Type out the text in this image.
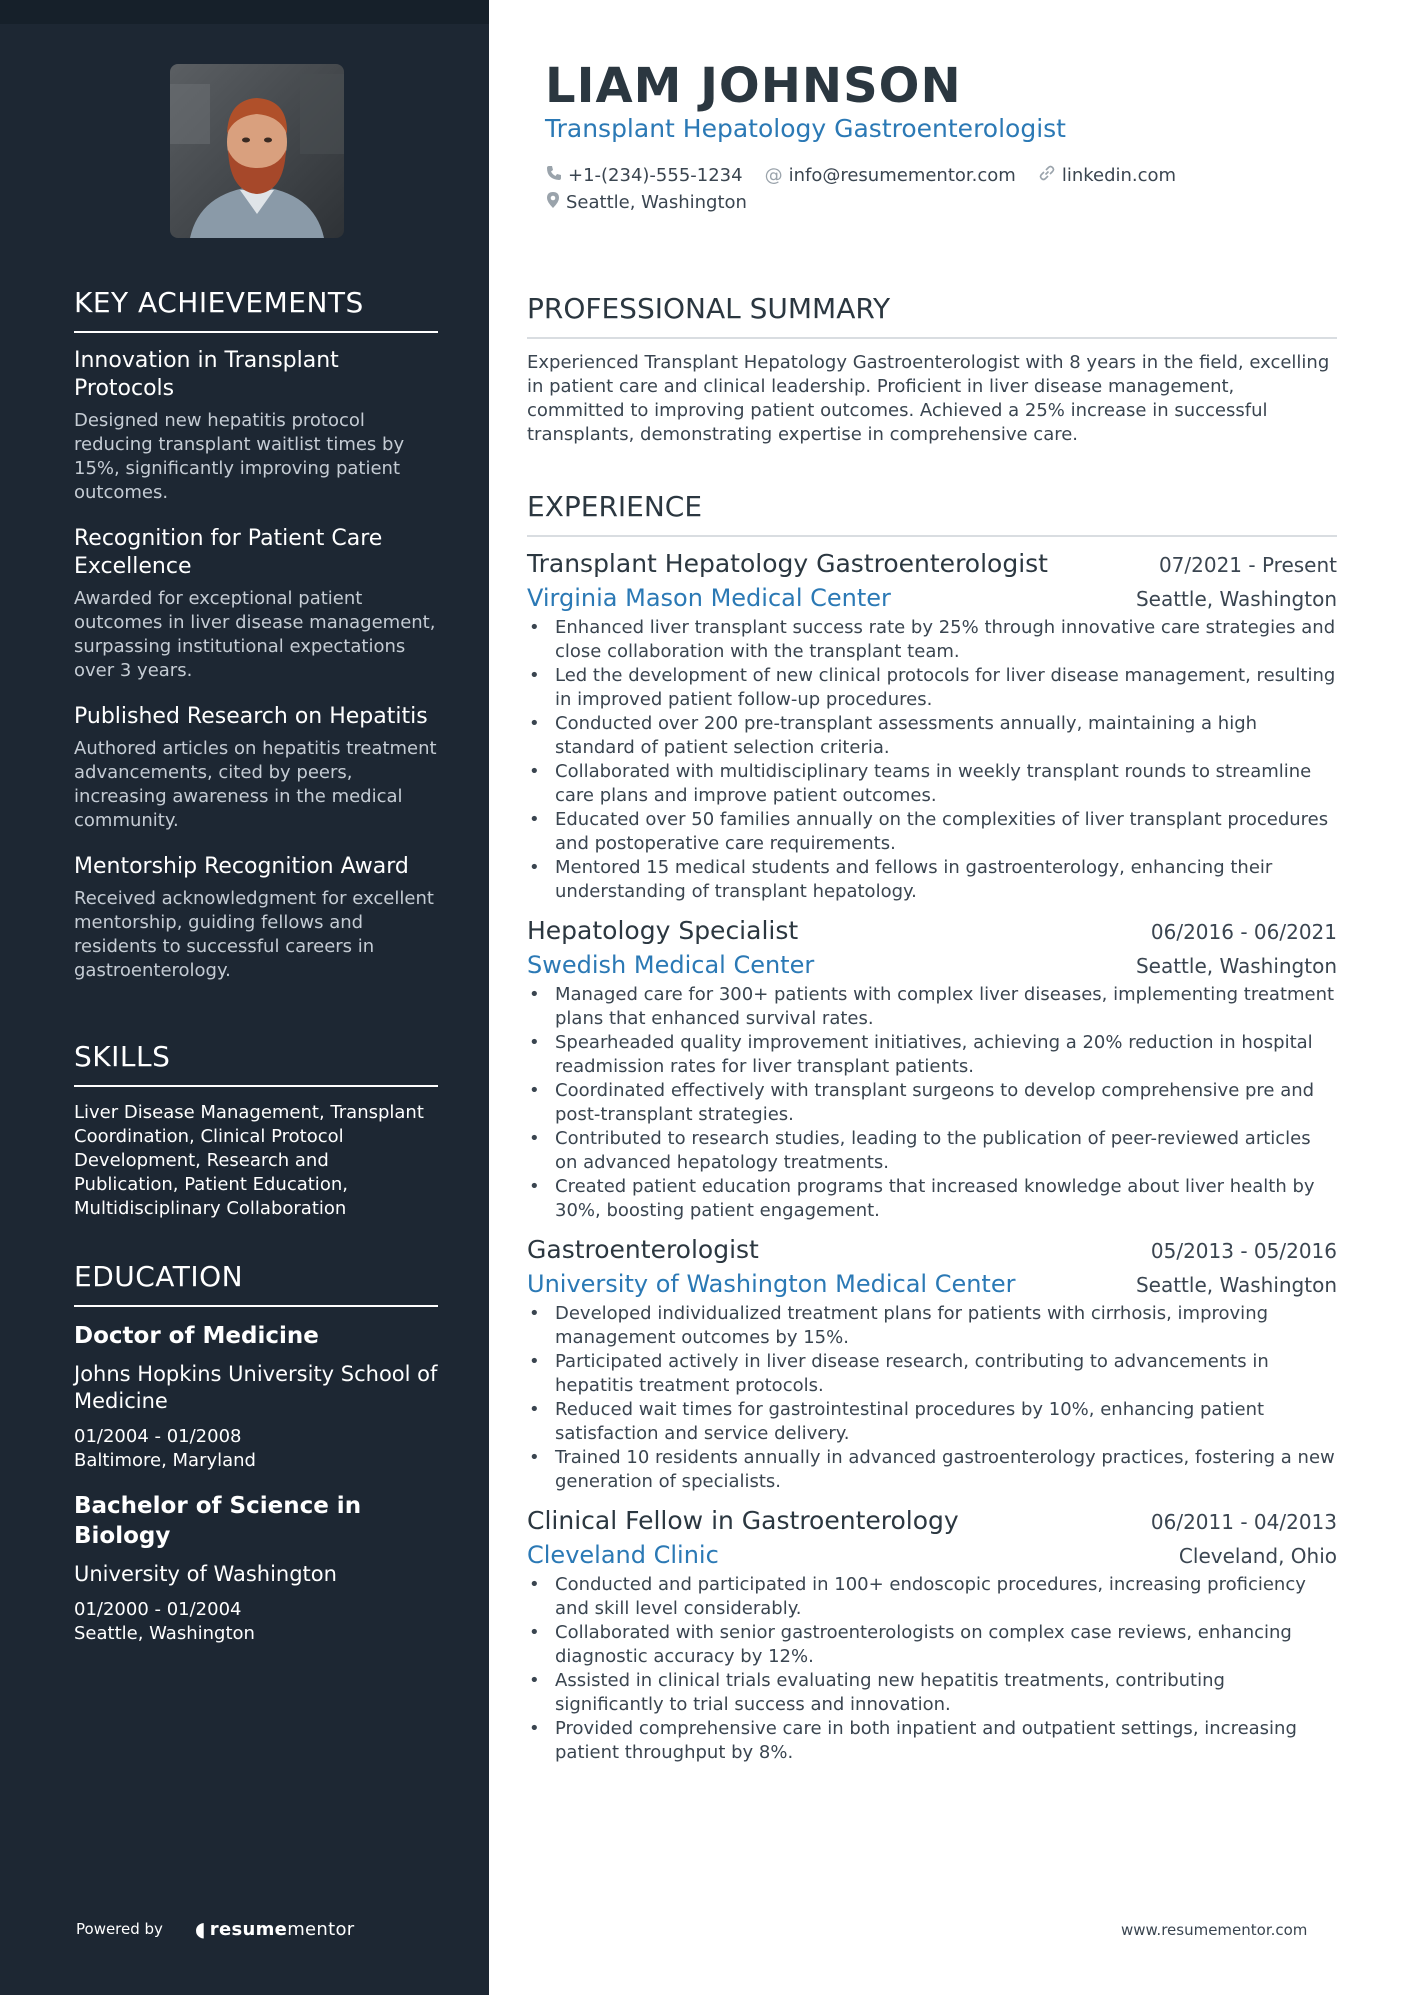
KEY ACHIEVEMENTS
Innovation in Transplant Protocols
Designed new hepatitis protocol reducing transplant waitlist times by 15%, significantly improving patient outcomes.
Recognition for Patient Care Excellence
Awarded for exceptional patient outcomes in liver disease management, surpassing institutional expectations over 3 years.
Published Research on Hepatitis
Authored articles on hepatitis treatment advancements, cited by peers, increasing awareness in the medical community.
Mentorship Recognition Award
Received acknowledgment for excellent mentorship, guiding fellows and residents to successful careers in gastroenterology.
SKILLS
Liver Disease Management, Transplant Coordination, Clinical Protocol Development, Research and Publication, Patient Education, Multidisciplinary Collaboration
EDUCATION
Doctor of Medicine
Johns Hopkins University School of Medicine
01/2004 - 01/2008
Baltimore, Maryland
Bachelor of Science in Biology
University of Washington
01/2000 - 01/2004
Seattle, Washington
Powered by ◖ resume mentor
LIAM JOHNSON
Transplant Hepatology Gastroenterologist
+1-(234)-555-1234 @ info@resumementor.com	linkedin.com
Seattle, Washington
PROFESSIONAL SUMMARY
Experienced Transplant Hepatology Gastroenterologist with 8 years in the field, excelling in patient care and clinical leadership. Proficient in liver disease management, committed to improving patient outcomes. Achieved a 25% increase in successful transplants, demonstrating expertise in comprehensive care.
EXPERIENCE
Transplant Hepatology Gastroenterologist	07/2021 - Present
Virginia Mason Medical Center	Seattle, Washington
• Enhanced liver transplant success rate by 25% through innovative care strategies and close collaboration with the transplant team.
• Led the development of new clinical protocols for liver disease management, resulting in improved patient follow-up procedures.
• Conducted over 200 pre-transplant assessments annually, maintaining a high standard of patient selection criteria.
• Collaborated with multidisciplinary teams in weekly transplant rounds to streamline care plans and improve patient outcomes.
• Educated over 50 families annually on the complexities of liver transplant procedures and postoperative care requirements.
• Mentored 15 medical students and fellows in gastroenterology, enhancing their understanding of transplant hepatology.
Hepatology Specialist	06/2016 - 06/2021
Swedish Medical Center	Seattle, Washington
• Managed care for 300+ patients with complex liver diseases, implementing treatment plans that enhanced survival rates.
• Spearheaded quality improvement initiatives, achieving a 20% reduction in hospital readmission rates for liver transplant patients.
• Coordinated effectively with transplant surgeons to develop comprehensive pre and post-transplant strategies.
• Contributed to research studies, leading to the publication of peer-reviewed articles on advanced hepatology treatments.
• Created patient education programs that increased knowledge about liver health by 30%, boosting patient engagement.
Gastroenterologist	05/2013 - 05/2016
University of Washington Medical Center	Seattle, Washington
• Developed individualized treatment plans for patients with cirrhosis, improving management outcomes by 15%.
• Participated actively in liver disease research, contributing to advancements in hepatitis treatment protocols.
• Reduced wait times for gastrointestinal procedures by 10%, enhancing patient satisfaction and service delivery.
• Trained 10 residents annually in advanced gastroenterology practices, fostering a new generation of specialists.
Clinical Fellow in Gastroenterology	06/2011 - 04/2013
Cleveland Clinic	Cleveland, Ohio
• Conducted and participated in 100+ endoscopic procedures, increasing proficiency and skill level considerably.
• Collaborated with senior gastroenterologists on complex case reviews, enhancing diagnostic accuracy by 12%.
• Assisted in clinical trials evaluating new hepatitis treatments, contributing significantly to trial success and innovation.
• Provided comprehensive care in both inpatient and outpatient settings, increasing patient throughput by 8%.
www.resumementor.com
